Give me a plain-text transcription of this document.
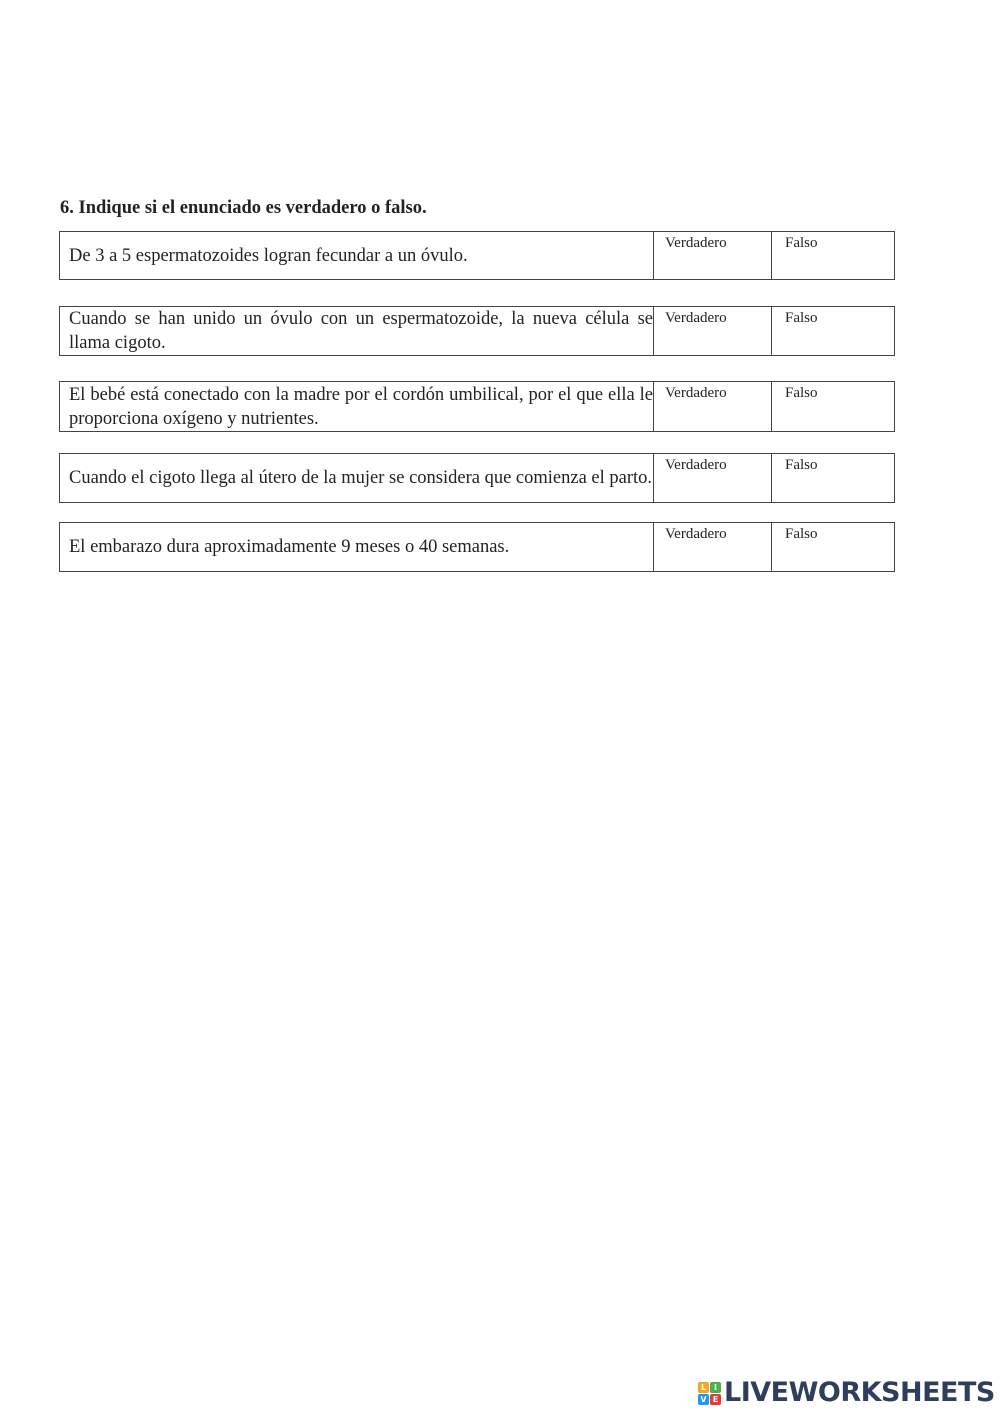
6. Indique si el enunciado es verdadero o falso.
De 3 a 5 espermatozoides logran fecundar a un óvulo.
Verdadero	Falso
Cuando se han unido un óvulo con un espermatozoide, la nueva célula se llama cigoto.
Verdadero	Falso
El bebé está conectado con la madre por el cordón umbilical, por el que ella le proporciona oxígeno y nutrientes.
Verdadero	Falso
Cuando el cigoto llega al útero de la mujer se considera que comienza el parto.
Verdadero	Falso
El embarazo dura aproximadamente 9 meses o 40 semanas.
Verdadero	Falso
L I
V E LIVEWORKSHEETS
